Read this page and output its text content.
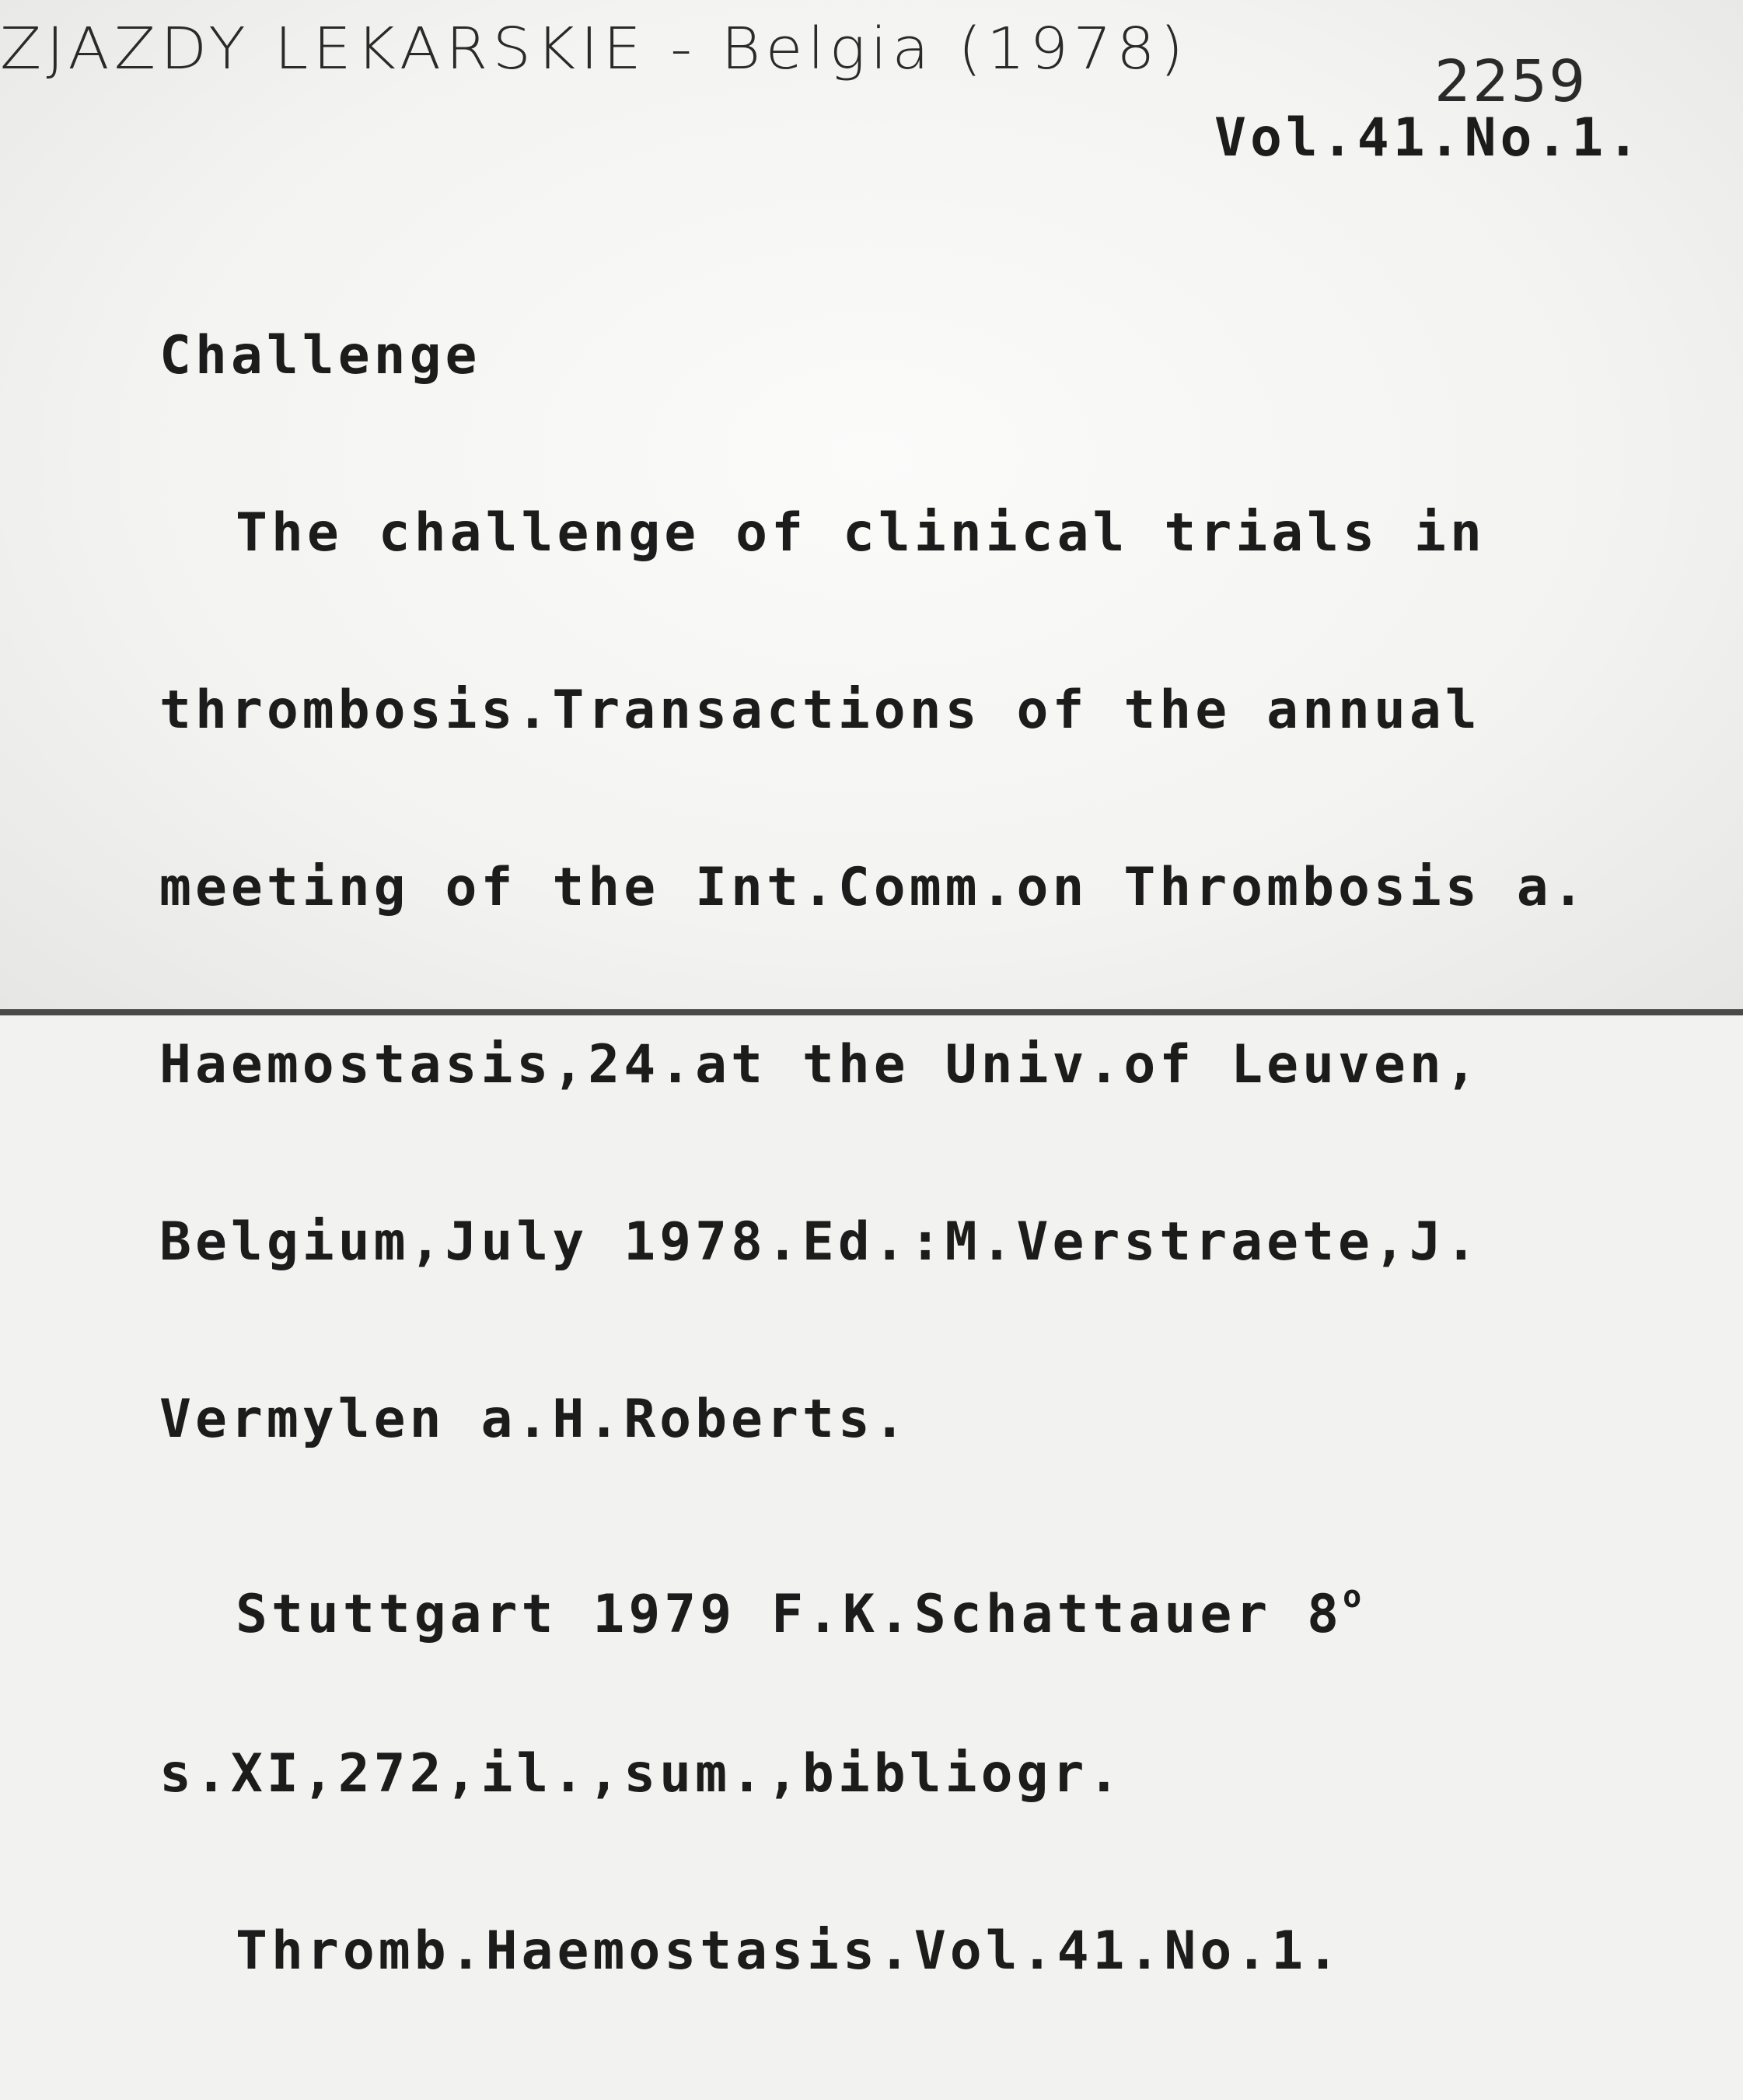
ZJAZDY LEKARSKIE - Belgia (1978)	2259
Vol.41.No.1.

Challenge

The challenge of clinical trials in

thrombosis.Transactions of the annual

meeting of the Int.Comm.on Thrombosis a.

Haemostasis,24.at the Univ.of Leuven,

Belgium,July 1978.Ed.:M.Verstraete,J.

Vermylen a.H.Roberts.

Stuttgart 1979 F.K.Schattauer 8$^o$

s.XI,272,il.,sum.,bibliogr.

Thromb.Haemostasis.Vol.41.No.1.
